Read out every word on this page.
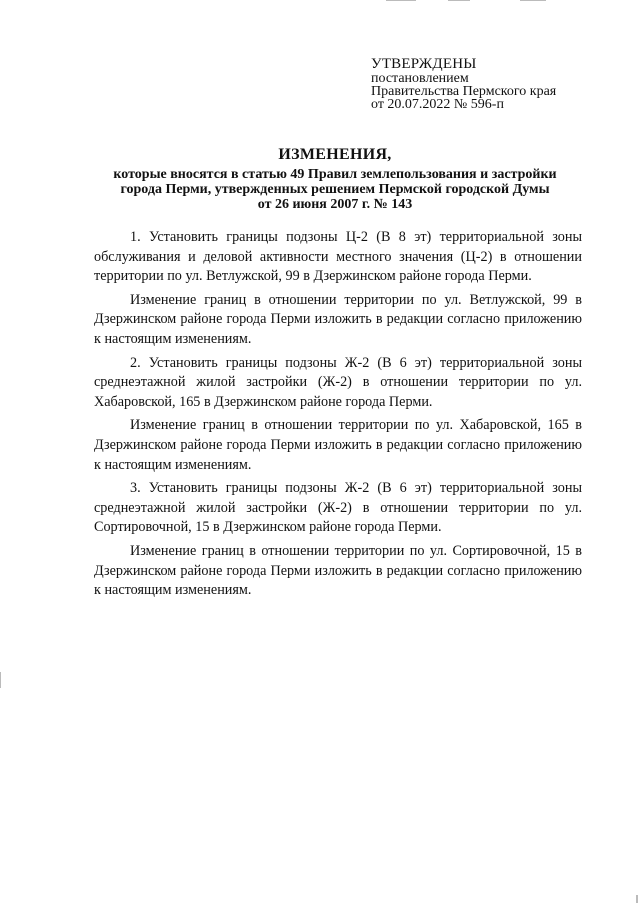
УТВЕРЖДЕНЫ
постановлением
Правительства Пермского края
от 20.07.2022 № 596-п
ИЗМЕНЕНИЯ,
которые вносятся в статью 49 Правил землепользования и застройки
города Перми, утвержденных решением Пермской городской Думы
от 26 июня 2007 г. № 143

1. Установить границы подзоны Ц-2 (В 8 эт) территориальной зоны обслуживания и деловой активности местного значения (Ц-2) в отношении территории по ул. Ветлужской, 99 в Дзержинском районе города Перми.

Изменение границ в отношении территории по ул. Ветлужской, 99 в Дзержинском районе города Перми изложить в редакции согласно приложению к настоящим изменениям.

2. Установить границы подзоны Ж-2 (В 6 эт) территориальной зоны среднеэтажной жилой застройки (Ж-2) в отношении территории по ул. Хабаровской, 165 в Дзержинском районе города Перми.

Изменение границ в отношении территории по ул. Хабаровской, 165 в Дзержинском районе города Перми изложить в редакции согласно приложению к настоящим изменениям.

3. Установить границы подзоны Ж-2 (В 6 эт) территориальной зоны среднеэтажной жилой застройки (Ж-2) в отношении территории по ул. Сортировочной, 15 в Дзержинском районе города Перми.

Изменение границ в отношении территории по ул. Сортировочной, 15 в Дзержинском районе города Перми изложить в редакции согласно приложению к настоящим изменениям.
